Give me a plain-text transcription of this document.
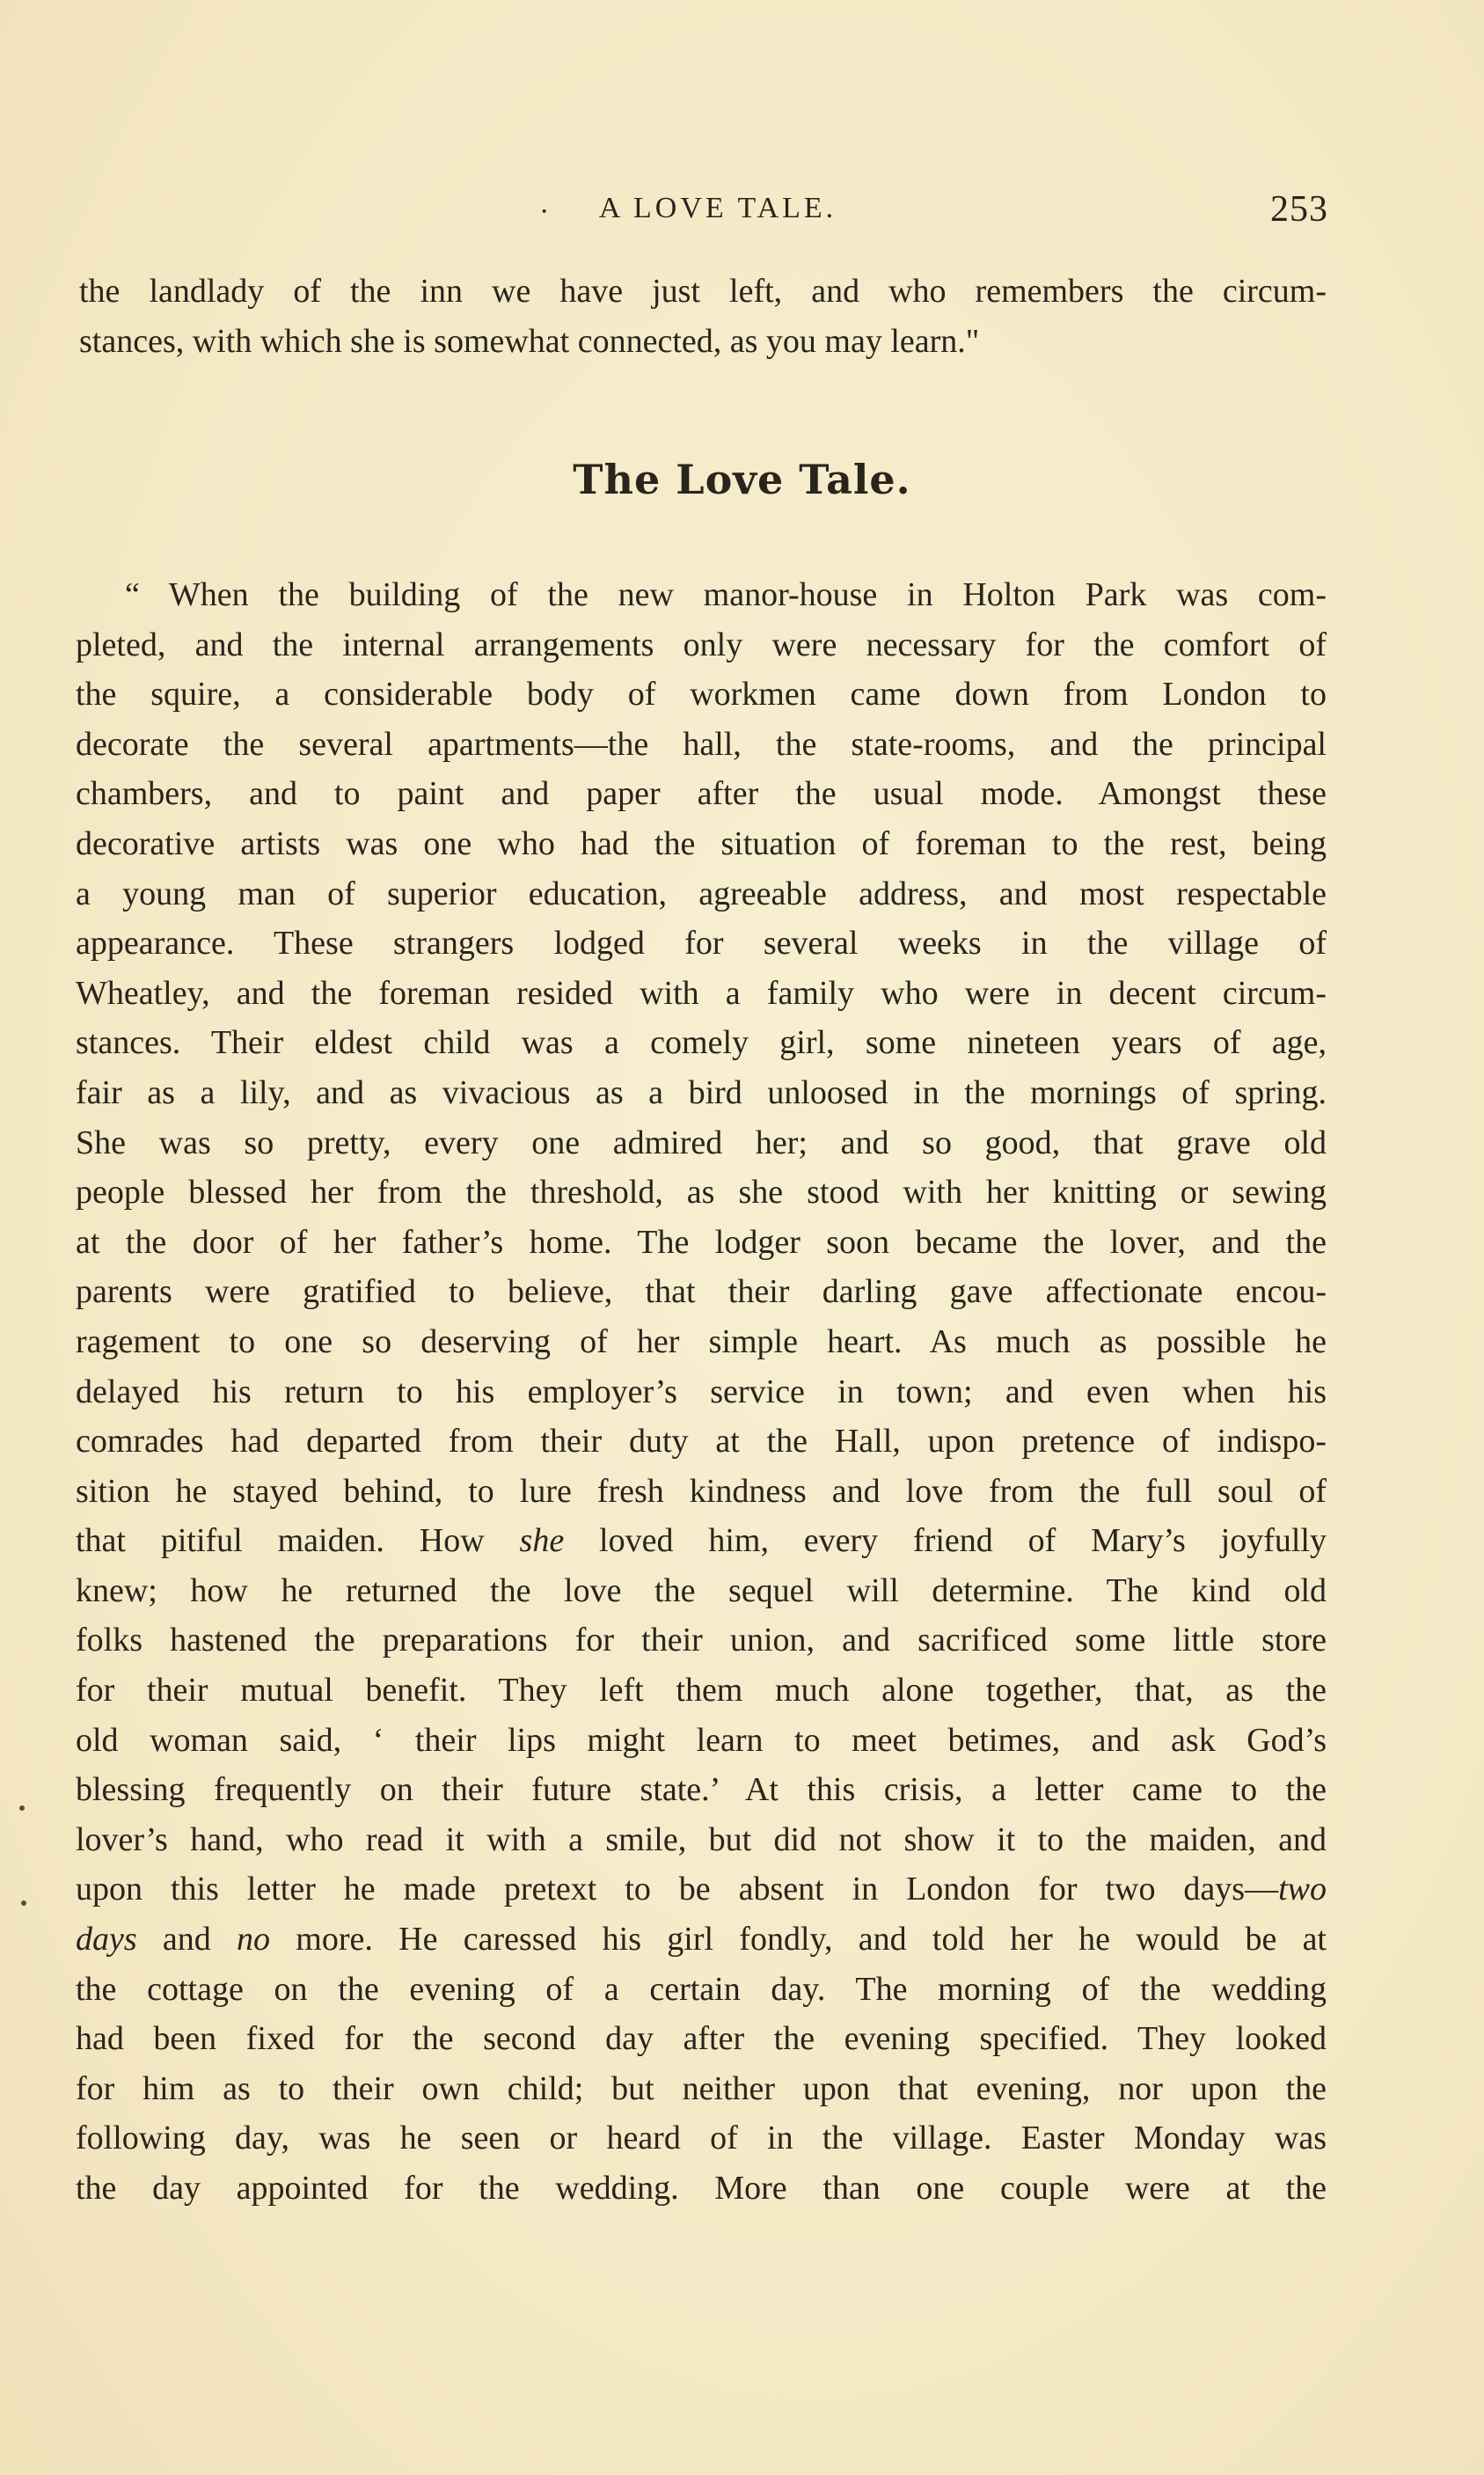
·	A LOVE TALE.	253
the landlady of the inn we have just left, and who remembers the circum-
stances, with which she is somewhat connected, as you may learn."
The Love Tale.
“ When the building of the new manor-house in Holton Park was com-
pleted, and the internal arrangements only were necessary for the comfort of
the squire, a considerable body of workmen came down from London to
decorate the several apartments—the hall, the state-rooms, and the principal
chambers, and to paint and paper after the usual mode. Amongst these
decorative artists was one who had the situation of foreman to the rest, being
a young man of superior education, agreeable address, and most respectable
appearance. These strangers lodged for several weeks in the village of
Wheatley, and the foreman resided with a family who were in decent circum-
stances. Their eldest child was a comely girl, some nineteen years of age,
fair as a lily, and as vivacious as a bird unloosed in the mornings of spring.
She was so pretty, every one admired her; and so good, that grave old
people blessed her from the threshold, as she stood with her knitting or sewing
at the door of her father’s home. The lodger soon became the lover, and the
parents were gratified to believe, that their darling gave affectionate encou-
ragement to one so deserving of her simple heart. As much as possible he
delayed his return to his employer’s service in town; and even when his
comrades had departed from their duty at the Hall, upon pretence of indispo-
sition he stayed behind, to lure fresh kindness and love from the full soul of
that pitiful maiden. How she loved him, every friend of Mary’s joyfully
knew; how he returned the love the sequel will determine. The kind old
folks hastened the preparations for their union, and sacrificed some little store
for their mutual benefit. They left them much alone together, that, as the
old woman said, ‘ their lips might learn to meet betimes, and ask God’s
blessing frequently on their future state.’ At this crisis, a letter came to the
lover’s hand, who read it with a smile, but did not show it to the maiden, and
upon this letter he made pretext to be absent in London for two days—two
days and no more. He caressed his girl fondly, and told her he would be at
the cottage on the evening of a certain day. The morning of the wedding
had been fixed for the second day after the evening specified. They looked
for him as to their own child; but neither upon that evening, nor upon the
following day, was he seen or heard of in the village. Easter Monday was
the day appointed for the wedding. More than one couple were at the
